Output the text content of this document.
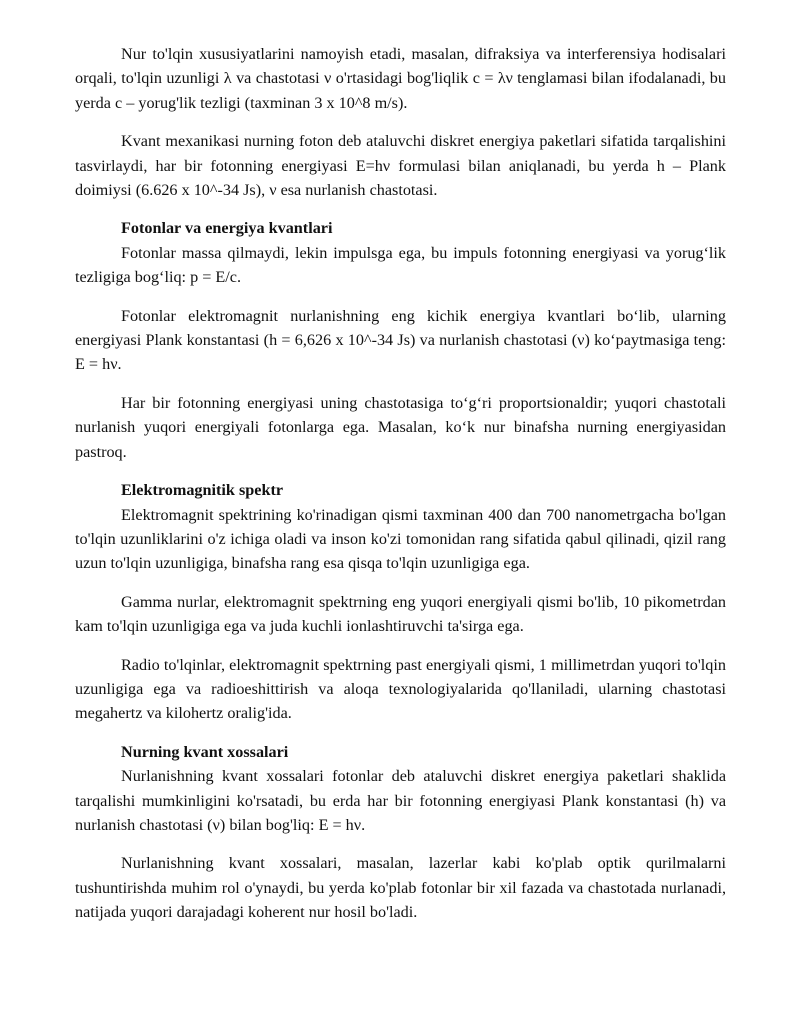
Nur to'lqin xususiyatlarini namoyish etadi, masalan, difraksiya va interferensiya hodisalari orqali, to'lqin uzunligi λ va chastotasi ν o'rtasidagi bog'liqlik c = λν tenglamasi bilan ifodalanadi, bu yerda c – yorug'lik tezligi (taxminan 3 x 10^8 m/s).

Kvant mexanikasi nurning foton deb ataluvchi diskret energiya paketlari sifatida tarqalishini tasvirlaydi, har bir fotonning energiyasi E=hν formulasi bilan aniqlanadi, bu yerda h – Plank doimiysi (6.626 x 10^-34 Js), ν esa nurlanish chastotasi.

Fotonlar va energiya kvantlari

Fotonlar massa qilmaydi, lekin impulsga ega, bu impuls fotonning energiyasi va yorug‘lik tezligiga bog‘liq: p = E/c.

Fotonlar elektromagnit nurlanishning eng kichik energiya kvantlari bo‘lib, ularning energiyasi Plank konstantasi (h = 6,626 x 10^-34 Js) va nurlanish chastotasi (ν) ko‘paytmasiga teng: E = hν.

Har bir fotonning energiyasi uning chastotasiga to‘g‘ri proportsionaldir; yuqori chastotali nurlanish yuqori energiyali fotonlarga ega. Masalan, ko‘k nur binafsha nurning energiyasidan pastroq.

Elektromagnitik spektr

Elektromagnit spektrining ko'rinadigan qismi taxminan 400 dan 700 nanometrgacha bo'lgan to'lqin uzunliklarini o'z ichiga oladi va inson ko'zi tomonidan rang sifatida qabul qilinadi, qizil rang uzun to'lqin uzunligiga, binafsha rang esa qisqa to'lqin uzunligiga ega.

Gamma nurlar, elektromagnit spektrning eng yuqori energiyali qismi bo'lib, 10 pikometrdan kam to'lqin uzunligiga ega va juda kuchli ionlashtiruvchi ta'sirga ega.

Radio to'lqinlar, elektromagnit spektrning past energiyali qismi, 1 millimetrdan yuqori to'lqin uzunligiga ega va radioeshittirish va aloqa texnologiyalarida qo'llaniladi, ularning chastotasi megahertz va kilohertz oralig'ida.

Nurning kvant xossalari

Nurlanishning kvant xossalari fotonlar deb ataluvchi diskret energiya paketlari shaklida tarqalishi mumkinligini ko'rsatadi, bu erda har bir fotonning energiyasi Plank konstantasi (h) va nurlanish chastotasi (ν) bilan bog'liq: E = hν.

Nurlanishning kvant xossalari, masalan, lazerlar kabi ko'plab optik qurilmalarni tushuntirishda muhim rol o'ynaydi, bu yerda ko'plab fotonlar bir xil fazada va chastotada nurlanadi, natijada yuqori darajadagi koherent nur hosil bo'ladi.
